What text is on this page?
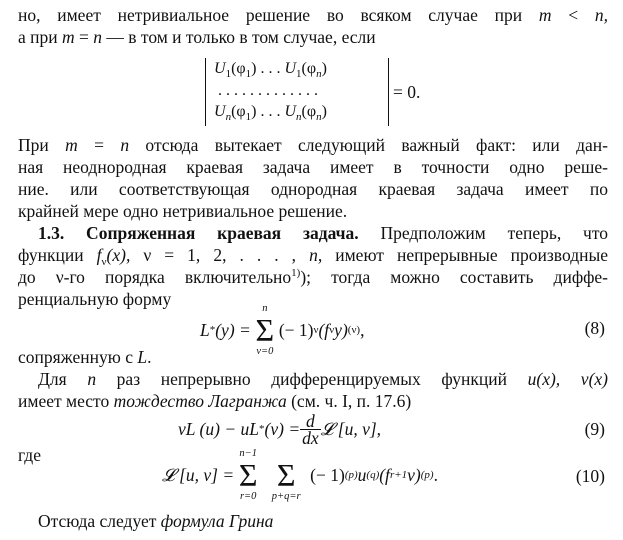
но, имеет нетривиальное решение во всяком случае при m < n,
а при m = n — в том и только в том случае, если
$U_1(\varphi_1)$ . . . $U_1(\varphi_n)$
. . . . . . . . . . . . .
$U_n(\varphi_1)$ . . . $U_n(\varphi_n)$
= 0.
При m = n отсюда вытекает следующий важный факт: или дан-
ная неоднородная краевая задача имеет в точности одно реше-
ние. или соответствующая однородная краевая задача имеет по
крайней мере одно нетривиальное решение.
1.3. Сопряженная краевая задача. Предположим теперь, что
функции $f_\nu(x)$, ν = 1, 2, . . . , n, имеют непрерывные производные
до ν-го порядка включительно$^{1)}$); тогда можно составить диффе-
ренциальную форму
L * (y) =
n
Σ
ν=0
(− 1) ν (f ν y) (ν) ,	(8)
сопряженную с L.
Для n раз непрерывно дифференцируемых функций u(x), v(x)
имеет место тождество Лагранжа (см. ч. I, п. 17.6)
vL (u) − uL * $(v) = \frac{d}{dx}$ 𝓛 [u, v],	(9)
где
𝓛 [u, v] =
n−1
Σ
r=0

Σ
p+q=r
(− 1) (p) u (q) (f r+1 v) (p) .	(10)
Отсюда следует формула Грина
